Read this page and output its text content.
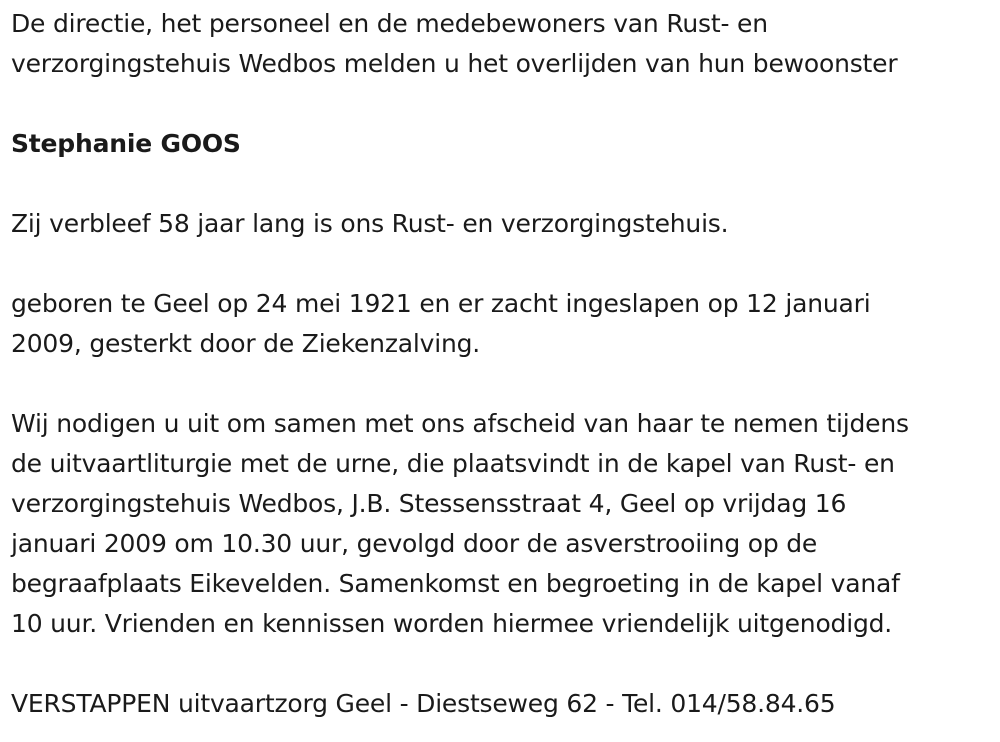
De directie, het personeel en de medebewoners van Rust- en
verzorgingstehuis Wedbos melden u het overlijden van hun bewoonster

Stephanie GOOS

Zij verbleef 58 jaar lang is ons Rust- en verzorgingstehuis.

geboren te Geel op 24 mei 1921 en er zacht ingeslapen op 12 januari
2009, gesterkt door de Ziekenzalving.

Wij nodigen u uit om samen met ons afscheid van haar te nemen tijdens
de uitvaartliturgie met de urne, die plaatsvindt in de kapel van Rust- en
verzorgingstehuis Wedbos, J.B. Stessensstraat 4, Geel op vrijdag 16
januari 2009 om 10.30 uur, gevolgd door de asverstrooiing op de
begraafplaats Eikevelden. Samenkomst en begroeting in de kapel vanaf
10 uur. Vrienden en kennissen worden hiermee vriendelijk uitgenodigd.

VERSTAPPEN uitvaartzorg Geel - Diestseweg 62 - Tel. 014/58.84.65
